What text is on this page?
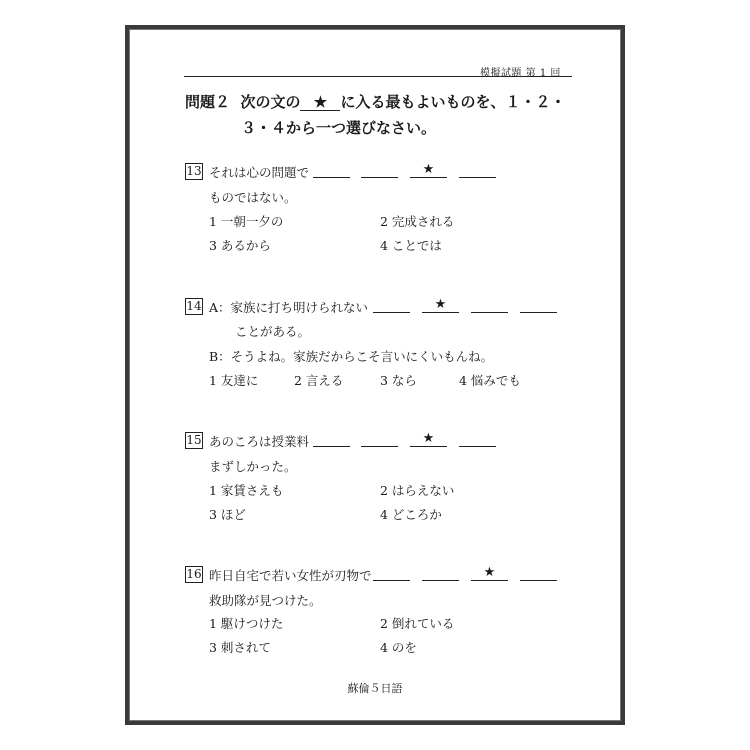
模擬試題 第 1 回
問題２ 次の文の ★ に入る最もよいものを、１・２・
３・４から一つ選びなさい。
13 それは心の問題で	★
ものではない。
1 一朝一夕の	2 完成される
3 あるから	4 ことでは
14 A：家族に打ち明けられない	★
ことがある。
B：そうよね。家族だからこそ言いにくいもんね。
1 友達に	2 言える	3 なら	4 悩みでも
15 あのころは授業料	★
まずしかった。
1 家賃さえも	2 はらえない
3 ほど	4 どころか
16 昨日自宅で若い女性が刃物で	★
救助隊が見つけた。
1 駆けつけた	2 倒れている
3 刺されて	4 のを
蘇倫５日語
